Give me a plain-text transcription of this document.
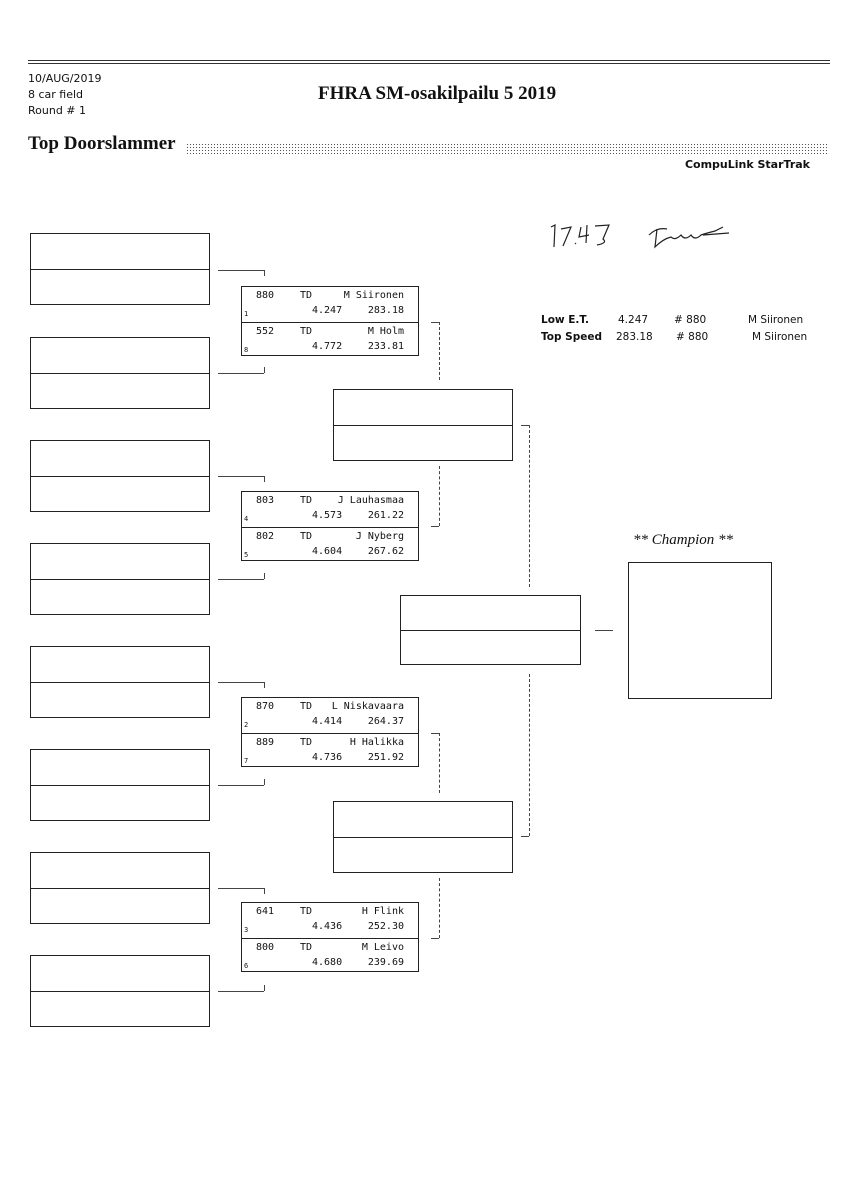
10/AUG/2019
8 car field
Round # 1
FHRA SM-osakilpailu 5 2019
Top Doorslammer
CompuLink StarTrak
Low E.T.	4.247 # 880	M Siironen
Top Speed 283.18 # 880	M Siironen
880	TD	M Siironen
1	4.247	283.18
552	TD	M Holm
8	4.772	233.81
803	TD	J Lauhasmaa
4	4.573	261.22
802	TD	J Nyberg
5	4.604	267.62
870	TD L Niskavaara
2	4.414	264.37
889	TD	H Halikka
7	4.736	251.92
641	TD	H Flink
3	4.436	252.30
800	TD	M Leivo
6	4.680	239.69
** Champion **
